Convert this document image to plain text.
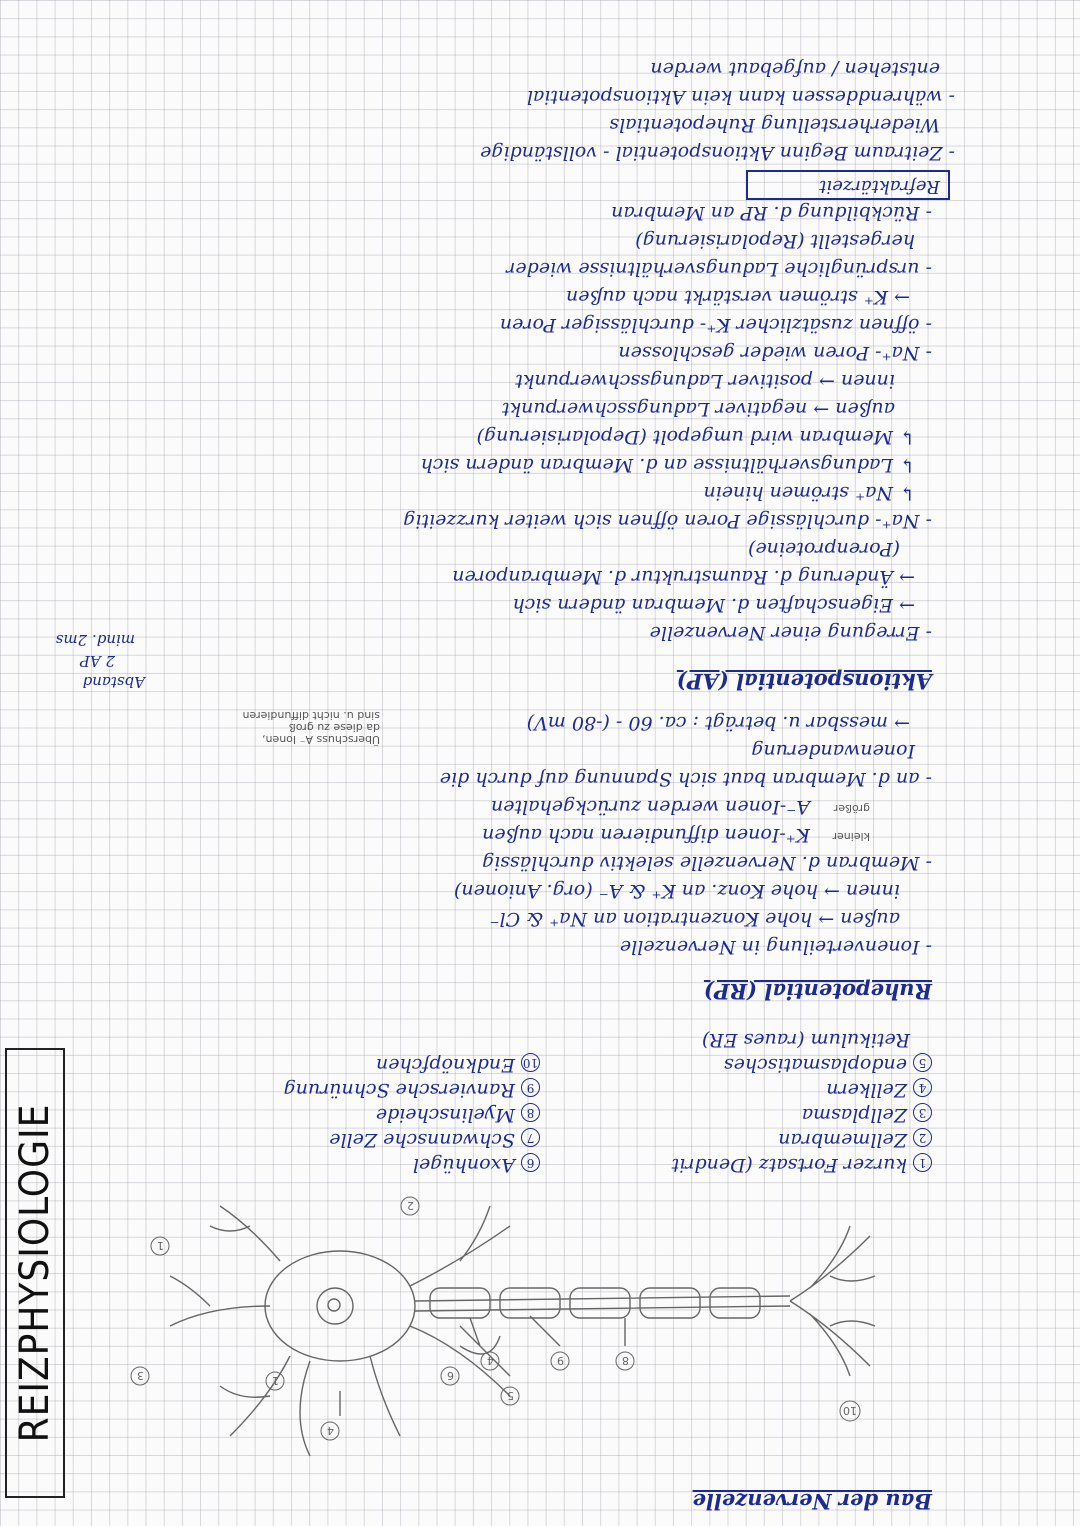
REIZPHYSIOLOGIE
Bau der Nervenzelle
1
1
2
3
4
5
6
8
9
4
10
1kurzer Fortsatz (Dendrit
2Zellmembran
3Zellplasma
4Zellkern
5endoplasmatisches
Retikulum (raues ER)
6Axonhügel
7Schwannsche Zelle
8Myelinscheide
9Ranviersche Schnürung
10Endknöpfchen
Ruhepotential (RP)
- Ionenverteilung in Nervenzelle
außen → hohe Konzentration an Na⁺ & Cl⁻
innen → hohe Konz. an K⁺ & A⁻ (org. Anionen)
- Membran d. Nervenzelle selektiv durchlässig
K⁺-Ionen diffundieren nach außen
A⁻-Ionen werden zurückgehalten
- an d. Membran baut sich Spannung auf durch die
Ionenwanderung
→ messbar u. beträgt : ca. 60 - (-80 mV)
kleiner
größer
Überschuss A⁻ Ionen,
da diese zu groß
sind u. nicht diffundieren
Aktionspotential (AP)
Abstand
2 AP
mind. 2ms	- Erregung einer Nervenzelle
→ Eigenschaften d. Membran ändern sich
→ Änderung d. Raumstruktur d. Membranporen
(Porenproteine)
- Na⁺- durchlässige Poren öffnen sich weiter kurzzeitig
↳ Na⁺ strömen hinein
↳ Ladungsverhältnisse an d. Membran ändern sich
↳ Membran wird umgepolt (Depolarisierung)
außen → negativer Ladungsschwerpunkt
innen → positiver Ladungsschwerpunkt
- Na⁺- Poren wieder geschlossen
- öffnen zusätzlicher K⁺- durchlässiger Poren
→ K⁺ strömen verstärkt nach außen
- ursprüngliche Ladungsverhältnisse wieder
hergestellt (Repolarisierung)
- Rückbildung d. RP an Membran
Refraktärzeit
- Zeitraum Beginn Aktionspotential - vollständige
Wiederherstellung Ruhepotentials
- währenddessen kann kein Aktionspotential
entstehen / aufgebaut werden
